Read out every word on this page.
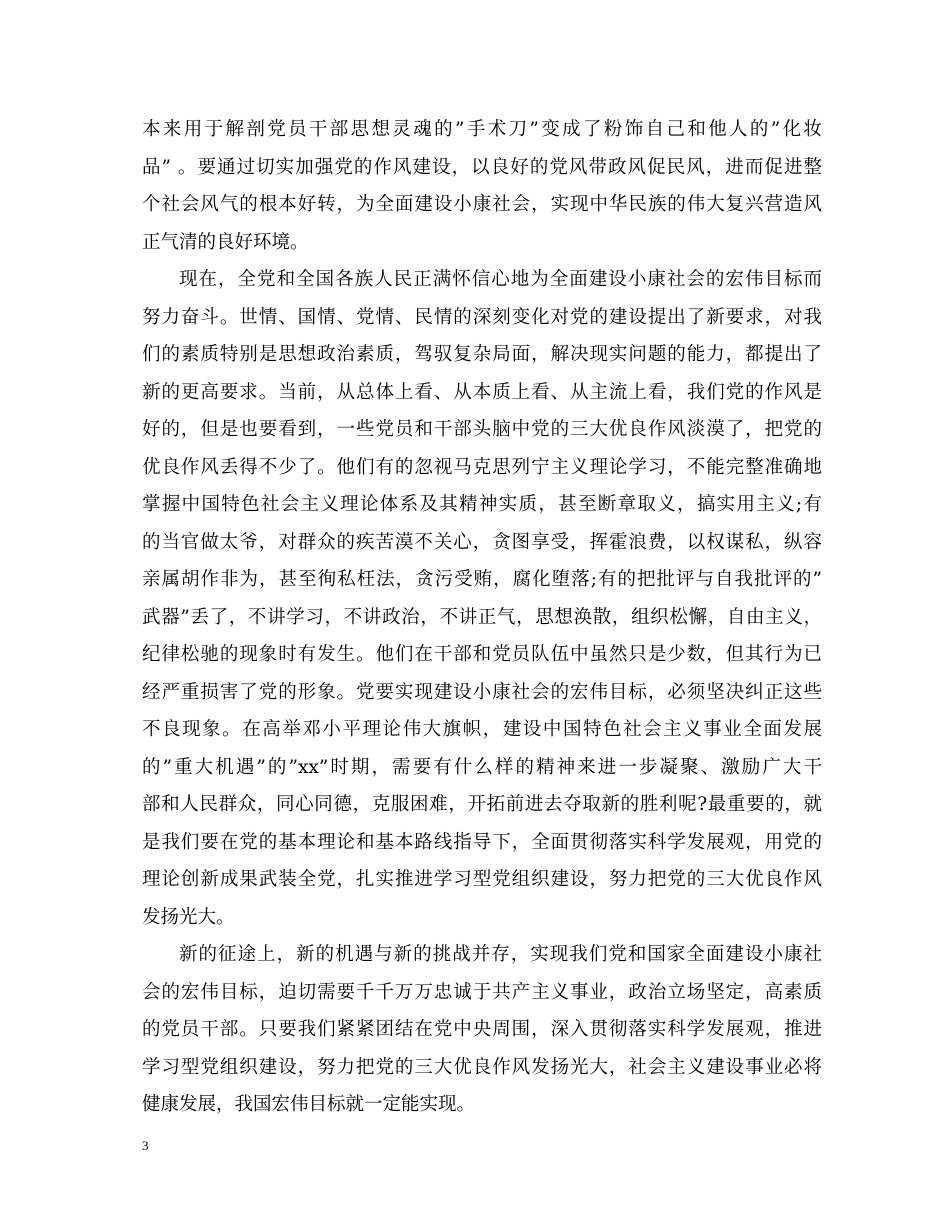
本来用于解剖党员干部思想灵魂的”手术刀”变成了粉饰自己和他人的”化妆
品” 。要通过切实加强党的作风建设，以良好的党风带政风促民风，进而促进整
个社会风气的根本好转，为全面建设小康社会，实现中华民族的伟大复兴营造风
正气清的良好环境。
现在，全党和全国各族人民正满怀信心地为全面建设小康社会的宏伟目标而
努力奋斗。世情、国情、党情、民情的深刻变化对党的建设提出了新要求，对我
们的素质特别是思想政治素质，驾驭复杂局面，解决现实问题的能力，都提出了
新的更高要求。当前，从总体上看、从本质上看、从主流上看，我们党的作风是
好的，但是也要看到，一些党员和干部头脑中党的三大优良作风淡漠了，把党的
优良作风丢得不少了。他们有的忽视马克思列宁主义理论学习，不能完整准确地
掌握中国特色社会主义理论体系及其精神实质，甚至断章取义，搞实用主义;有
的当官做太爷，对群众的疾苦漠不关心，贪图享受，挥霍浪费，以权谋私，纵容
亲属胡作非为，甚至徇私枉法，贪污受贿，腐化堕落;有的把批评与自我批评的”
武器”丢了，不讲学习，不讲政治，不讲正气，思想涣散，组织松懈，自由主义，
纪律松驰的现象时有发生。他们在干部和党员队伍中虽然只是少数，但其行为已
经严重损害了党的形象。党要实现建设小康社会的宏伟目标，必须坚决纠正这些
不良现象。在高举邓小平理论伟大旗帜，建设中国特色社会主义事业全面发展
的”重大机遇”的”xx”时期，需要有什么样的精神来进一步凝聚、激励广大干
部和人民群众，同心同德，克服困难，开拓前进去夺取新的胜利呢?最重要的，就
是我们要在党的基本理论和基本路线指导下，全面贯彻落实科学发展观，用党的
理论创新成果武装全党，扎实推进学习型党组织建设，努力把党的三大优良作风
发扬光大。
新的征途上，新的机遇与新的挑战并存，实现我们党和国家全面建设小康社
会的宏伟目标，迫切需要千千万万忠诚于共产主义事业，政治立场坚定，高素质
的党员干部。只要我们紧紧团结在党中央周围，深入贯彻落实科学发展观，推进
学习型党组织建设，努力把党的三大优良作风发扬光大，社会主义建设事业必将
健康发展，我国宏伟目标就一定能实现。
3
